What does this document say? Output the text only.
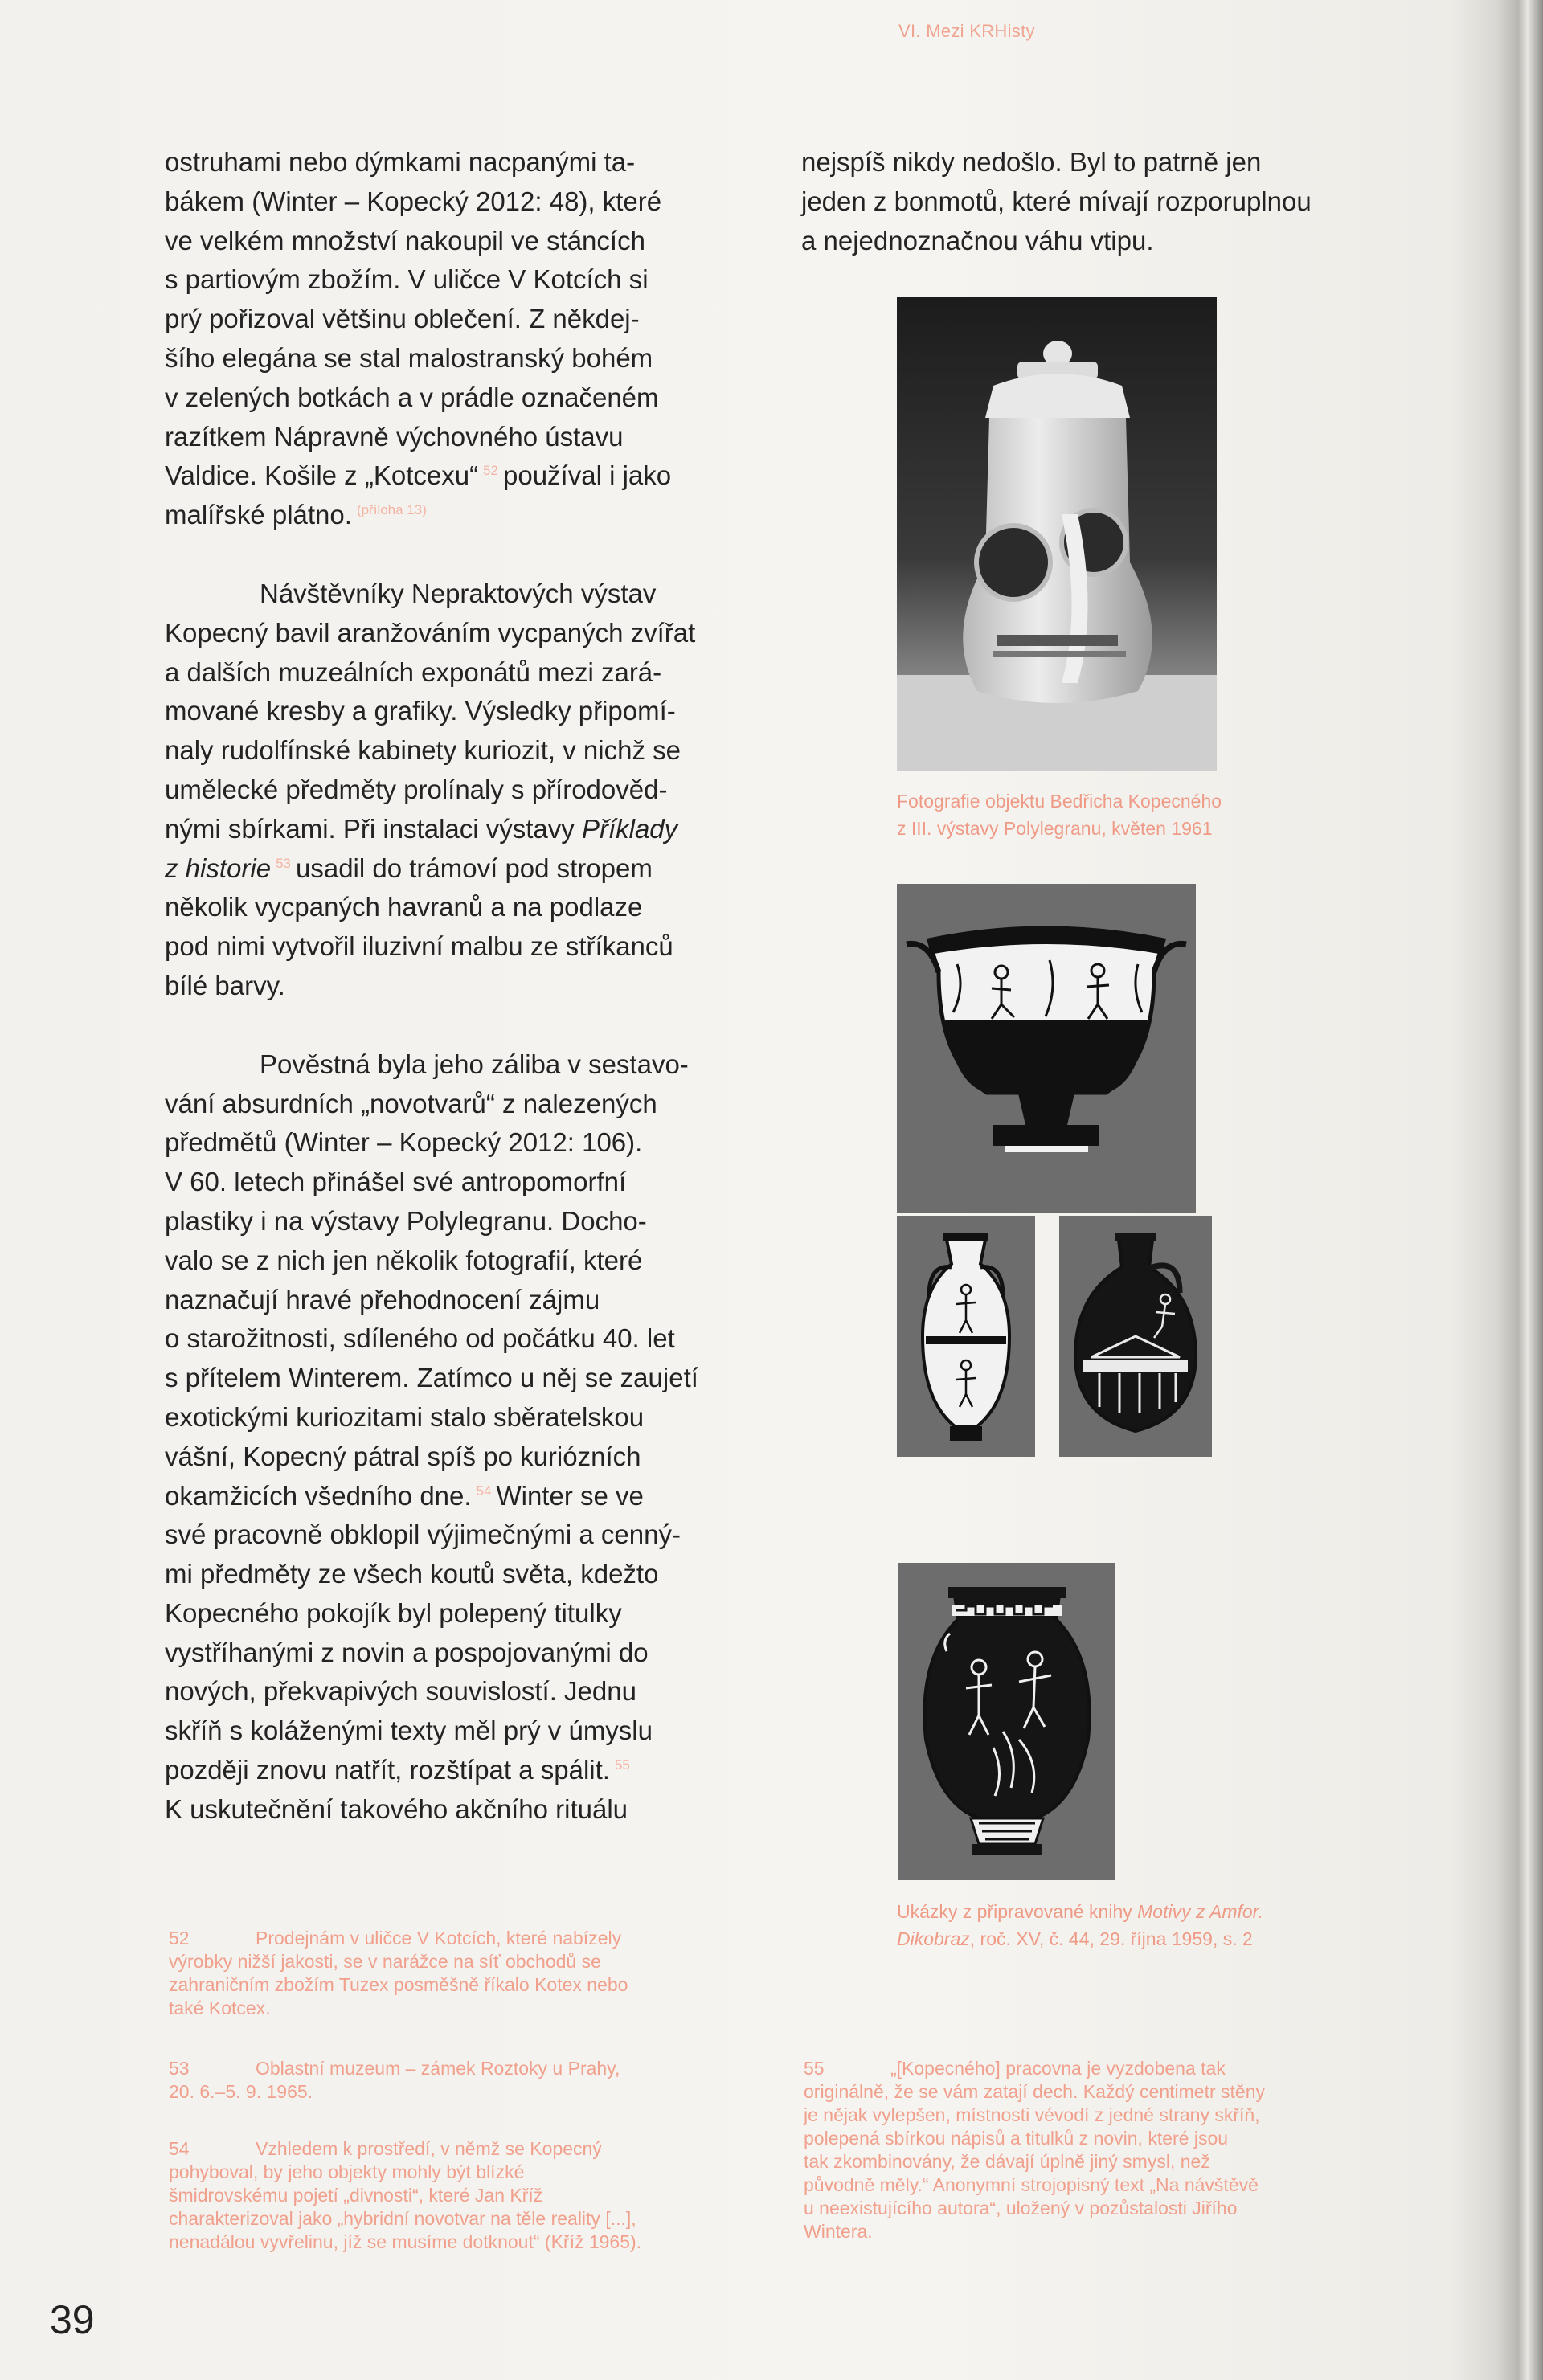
VI. Mezi KRHisty

ostruhami nebo dýmkami nacpanými ta-
bákem (Winter – Kopecký 2012: 48), které
ve velkém množství nakoupil ve stáncích
s partiovým zbožím. V uličce V Kotcích si
prý pořizoval většinu oblečení. Z někdej-
šího elegána se stal malostranský bohém
v zelených botkách a v prádle označeném
razítkem Nápravně výchovného ústavu
Valdice. Košile z „Kotcexu“ $^{52}$ používal i jako
malířské plátno. $^{(příloha 13)}$

Návštěvníky Nepraktových výstav
Kopecný bavil aranžováním vycpaných zvířat
a dalších muzeálních exponátů mezi zará-
mované kresby a grafiky. Výsledky připomí-
naly rudolfínské kabinety kuriozit, v nichž se
umělecké předměty prolínaly s přírodověd-
nými sbírkami. Při instalaci výstavy Příklady
z historie $^{53}$ usadil do trámoví pod stropem
několik vycpaných havranů a na podlaze
pod nimi vytvořil iluzivní malbu ze stříkanců
bílé barvy.

Pověstná byla jeho záliba v sestavo-
vání absurdních „novotvarů“ z nalezených
předmětů (Winter – Kopecký 2012: 106).
V 60. letech přinášel své antropomorfní
plastiky i na výstavy Polylegranu. Docho-
valo se z nich jen několik fotografií, které
naznačují hravé přehodnocení zájmu
o starožitnosti, sdíleného od počátku 40. let
s přítelem Winterem. Zatímco u něj se zaujetí
exotickými kuriozitami stalo sběratelskou
vášní, Kopecný pátral spíš po kuriózních
okamžicích všedního dne. $^{54}$ Winter se ve
své pracovně obklopil výjimečnými a cenný-
mi předměty ze všech koutů světa, kdežto
Kopecného pokojík byl polepený titulky
vystříhanými z novin a pospojovanými do
nových, překvapivých souvislostí. Jednu
skříň s koláženými texty měl prý v úmyslu
později znovu natřít, rozštípat a spálit. $^{55}$
K uskutečnění takového akčního rituálu

nejspíš nikdy nedošlo. Byl to patrně jen
jeden z bonmotů, které mívají rozporuplnou
a nejednoznačnou váhu vtipu.
Fotografie objektu Bedřicha Kopecného
z III. výstavy Polylegranu, květen 1961
Ukázky z připravované knihy Motivy z Amfor.
Dikobraz, roč. XV, č. 44, 29. října 1959, s. 2
52	Prodejnám v uličce V Kotcích, které nabízely
výrobky nižší jakosti, se v narážce na síť obchodů se
zahraničním zbožím Tuzex posměšně říkalo Kotex nebo
také Kotcex.
53	Oblastní muzeum – zámek Roztoky u Prahy,
20. 6.–5. 9. 1965.
54	Vzhledem k prostředí, v němž se Kopecný
pohyboval, by jeho objekty mohly být blízké
šmidrovskému pojetí „divnosti“, které Jan Kříž
charakterizoval jako „hybridní novotvar na těle reality [...],
nenadálou vyvřelinu, jíž se musíme dotknout“ (Kříž 1965).
55	„[Kopecného] pracovna je vyzdobena tak
originálně, že se vám zatají dech. Každý centimetr stěny
je nějak vylepšen, místnosti vévodí z jedné strany skříň,
polepená sbírkou nápisů a titulků z novin, které jsou
tak zkombinovány, že dávají úplně jiný smysl, než
původně měly.“ Anonymní strojopisný text „Na návštěvě
u neexistujícího autora“, uložený v pozůstalosti Jiřího
Wintera.
39
